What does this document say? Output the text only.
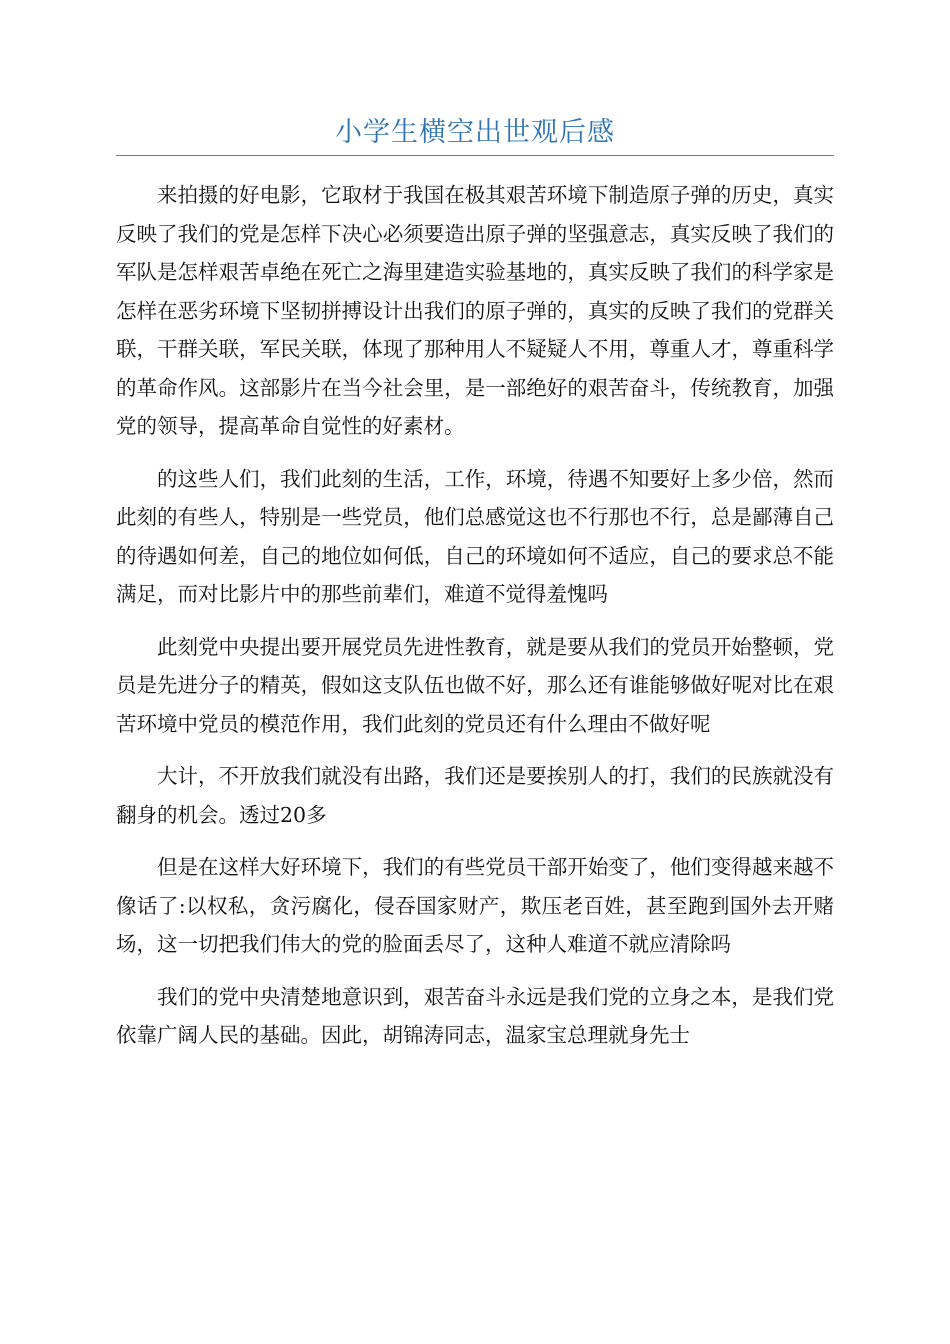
小学生横空出世观后感

来拍摄的好电影，它取材于我国在极其艰苦环境下制造原子弹的历史，真实反映了我们的党是怎样下决心必须要造出原子弹的坚强意志，真实反映了我们的军队是怎样艰苦卓绝在死亡之海里建造实验基地的，真实反映了我们的科学家是怎样在恶劣环境下坚韧拼搏设计出我们的原子弹的，真实的反映了我们的党群关联，干群关联，军民关联，体现了那种用人不疑疑人不用，尊重人才，尊重科学的革命作风。这部影片在当今社会里，是一部绝好的艰苦奋斗，传统教育，加强党的领导，提高革命自觉性的好素材。

的这些人们，我们此刻的生活，工作，环境，待遇不知要好上多少倍，然而此刻的有些人，特别是一些党员，他们总感觉这也不行那也不行，总是鄙薄自己的待遇如何差，自己的地位如何低，自己的环境如何不适应，自己的要求总不能满足，而对比影片中的那些前辈们，难道不觉得羞愧吗

此刻党中央提出要开展党员先进性教育，就是要从我们的党员开始整顿，党员是先进分子的精英，假如这支队伍也做不好，那么还有谁能够做好呢对比在艰苦环境中党员的模范作用，我们此刻的党员还有什么理由不做好呢

大计，不开放我们就没有出路，我们还是要挨别人的打，我们的民族就没有翻身的机会。透过20多

但是在这样大好环境下，我们的有些党员干部开始变了，他们变得越来越不像话了:以权私，贪污腐化，侵吞国家财产，欺压老百姓，甚至跑到国外去开赌场，这一切把我们伟大的党的脸面丢尽了，这种人难道不就应清除吗

我们的党中央清楚地意识到，艰苦奋斗永远是我们党的立身之本，是我们党依靠广阔人民的基础。因此，胡锦涛同志，温家宝总理就身先士
